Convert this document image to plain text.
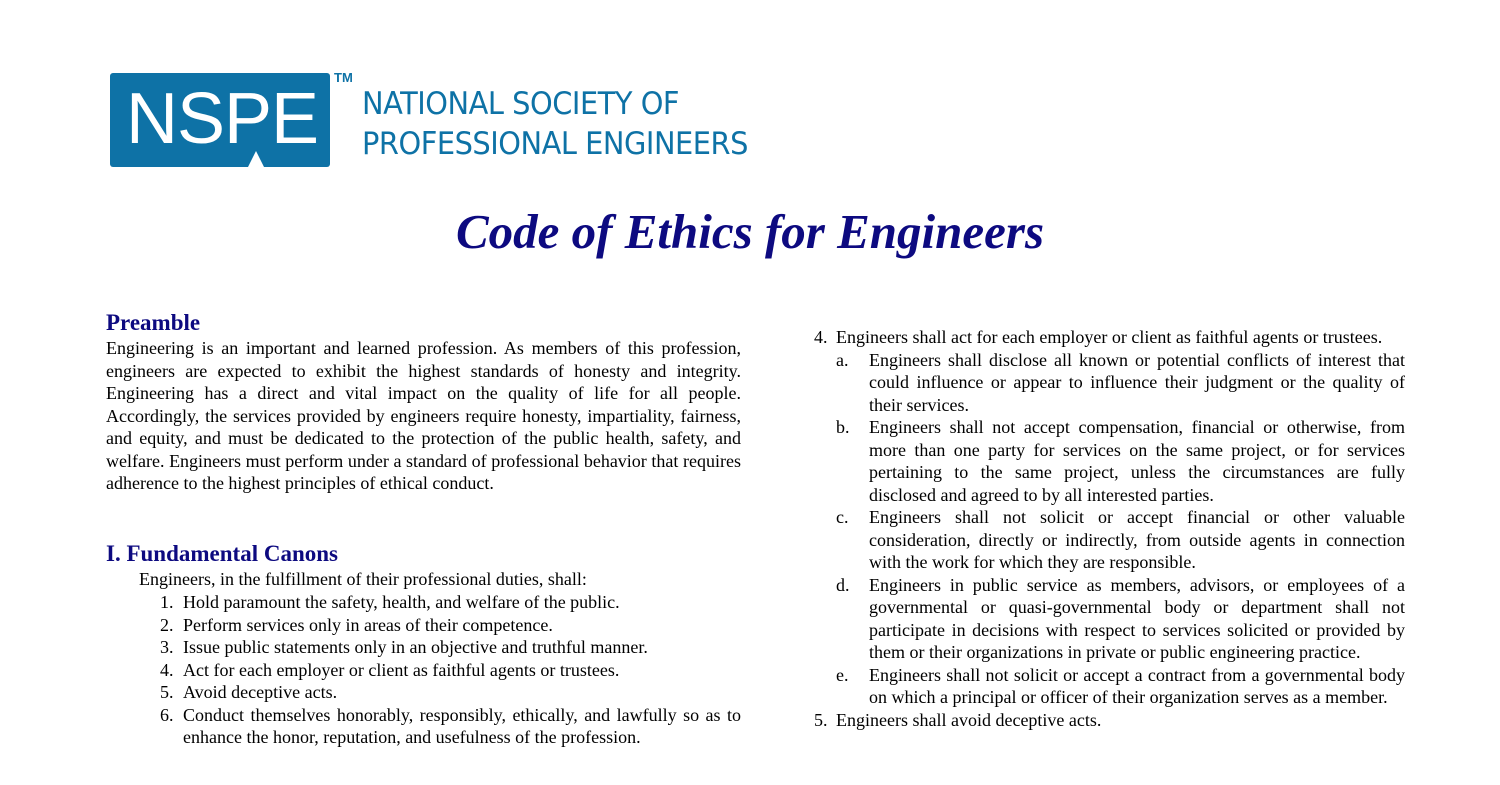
NSPE
TM
NATIONAL SOCIETY OF
PROFESSIONAL ENGINEERS
Code of Ethics for Engineers
Preamble
Engineering is an important and learned profession. As members of this profession, engineers are expected to exhibit the highest standards of honesty and integrity. Engineering has a direct and vital impact on the quality of life for all people. Accordingly, the services provided by engineers require honesty, impartiality, fairness, and equity, and must be dedicated to the protection of the public health, safety, and welfare. Engineers must perform under a standard of professional behavior that requires adherence to the highest principles of ethical conduct.
I. Fundamental Canons
Engineers, in the fulfillment of their professional duties, shall:
1. Hold paramount the safety, health, and welfare of the public.
2. Perform services only in areas of their competence.
3. Issue public statements only in an objective and truthful manner.
4. Act for each employer or client as faithful agents or trustees.
5. Avoid deceptive acts.
6. Conduct themselves honorably, responsibly, ethically, and lawfully so as to enhance the honor, reputation, and usefulness of the profession.
4. Engineers shall act for each employer or client as faithful agents or trustees.
a. Engineers shall disclose all known or potential conflicts of interest that could influence or appear to influence their judgment or the quality of their services.
b. Engineers shall not accept compensation, financial or otherwise, from more than one party for services on the same project, or for services pertaining to the same project, unless the circumstances are fully disclosed and agreed to by all interested parties.
c. Engineers shall not solicit or accept financial or other valuable consideration, directly or indirectly, from outside agents in connection with the work for which they are responsible.
d. Engineers in public service as members, advisors, or employees of a governmental or quasi-governmental body or department shall not participate in decisions with respect to services solicited or provided by them or their organizations in private or public engineering practice.
e. Engineers shall not solicit or accept a contract from a governmental body on which a principal or officer of their organization serves as a member.
5. Engineers shall avoid deceptive acts.
